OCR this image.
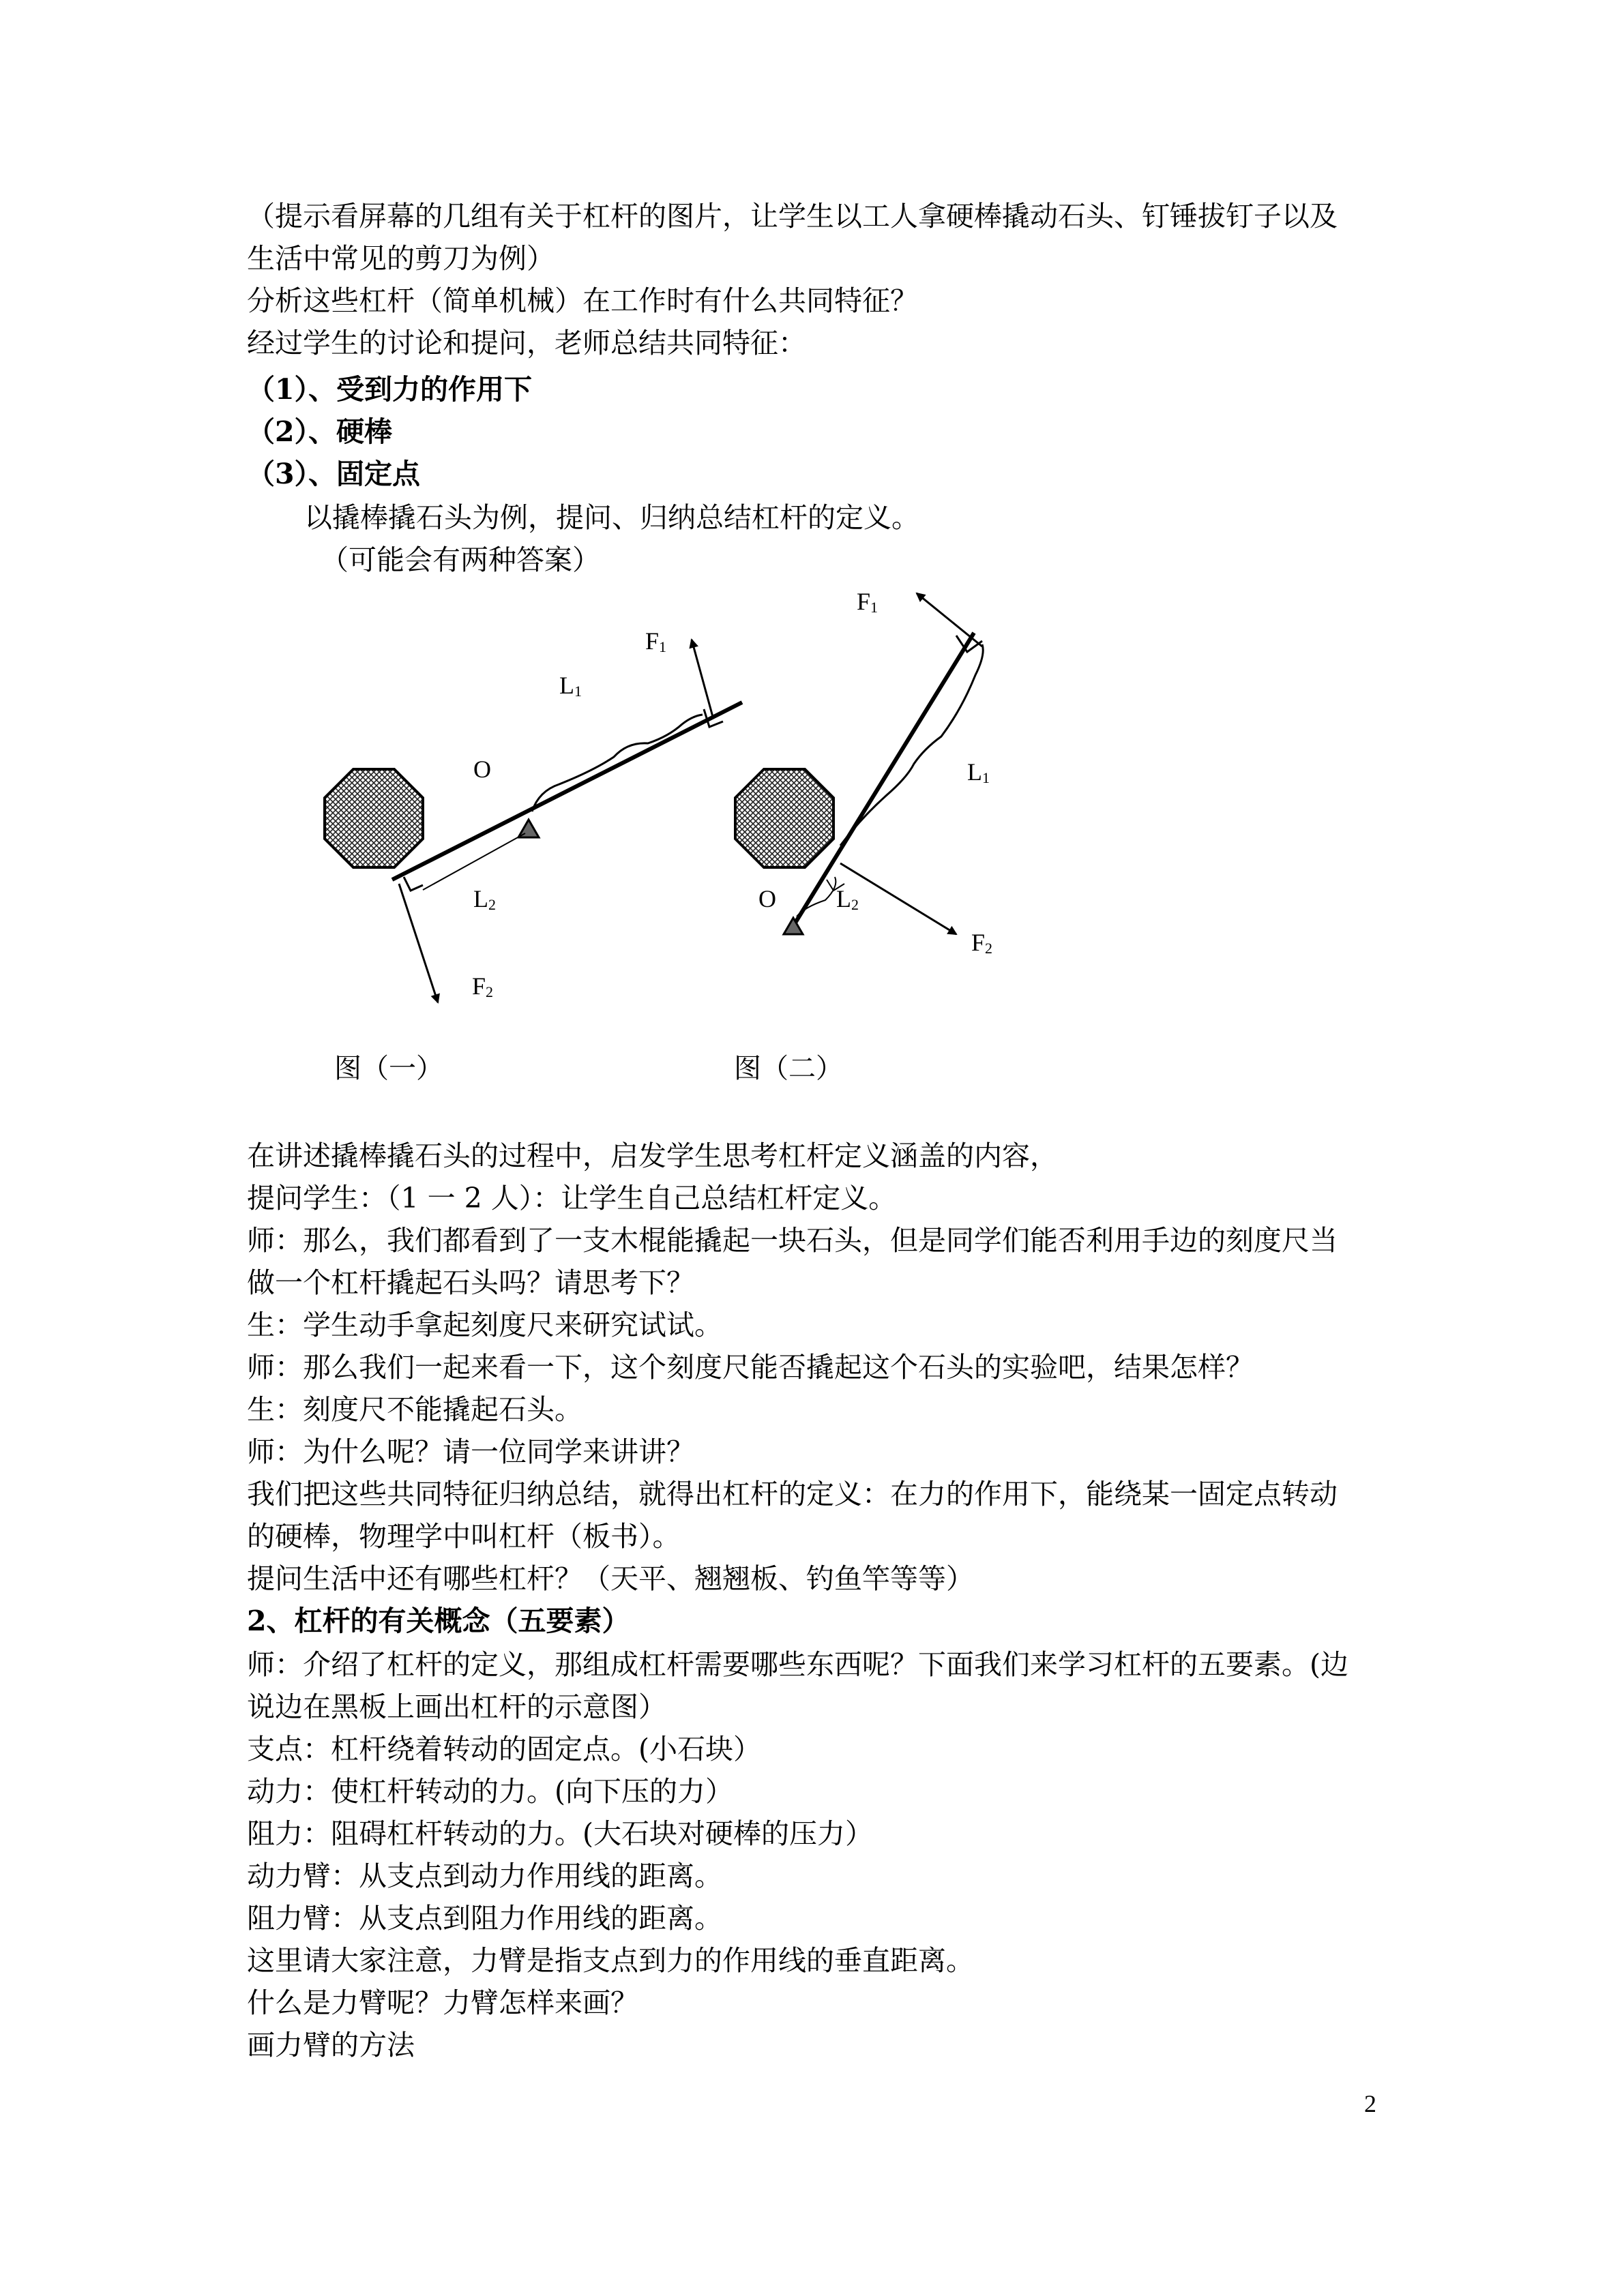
（提示看屏幕的几组有关于杠杆的图片，让学生以工人拿硬棒撬动石头、钉锤拔钉子以及
生活中常见的剪刀为例）
分析这些杠杆（简单机械）在工作时有什么共同特征？
经过学生的讨论和提问，老师总结共同特征：
（1）、受到力的作用下
（2）、硬棒
（3）、固定点
以撬棒撬石头为例，提问、归纳总结杠杆的定义。
（可能会有两种答案）
O
$F_1$
$L_1$
$L_2$
$F_2$
图（一）
$F_1$
$L_1$
O $L_2$
$F_2$
图（二）
在讲述撬棒撬石头的过程中，启发学生思考杠杆定义涵盖的内容，
提问学生：（1 一 2 人）：让学生自己总结杠杆定义。
师：那么，我们都看到了一支木棍能撬起一块石头，但是同学们能否利用手边的刻度尺当
做一个杠杆撬起石头吗？请思考下？
生：学生动手拿起刻度尺来研究试试。
师：那么我们一起来看一下，这个刻度尺能否撬起这个石头的实验吧，结果怎样？
生：刻度尺不能撬起石头。
师：为什么呢？请一位同学来讲讲？
我们把这些共同特征归纳总结，就得出杠杆的定义：在力的作用下，能绕某一固定点转动
的硬棒，物理学中叫杠杆（板书）。
提问生活中还有哪些杠杆？（天平、翘翘板、钓鱼竿等等）
2、杠杆的有关概念（五要素）
师：介绍了杠杆的定义，那组成杠杆需要哪些东西呢？下面我们来学习杠杆的五要素。(边
说边在黑板上画出杠杆的示意图）
支点：杠杆绕着转动的固定点。(小石块）
动力：使杠杆转动的力。(向下压的力）
阻力：阻碍杠杆转动的力。(大石块对硬棒的压力）
动力臂：从支点到动力作用线的距离。
阻力臂：从支点到阻力作用线的距离。
这里请大家注意，力臂是指支点到力的作用线的垂直距离。
什么是力臂呢？力臂怎样来画？
画力臂的方法
2
